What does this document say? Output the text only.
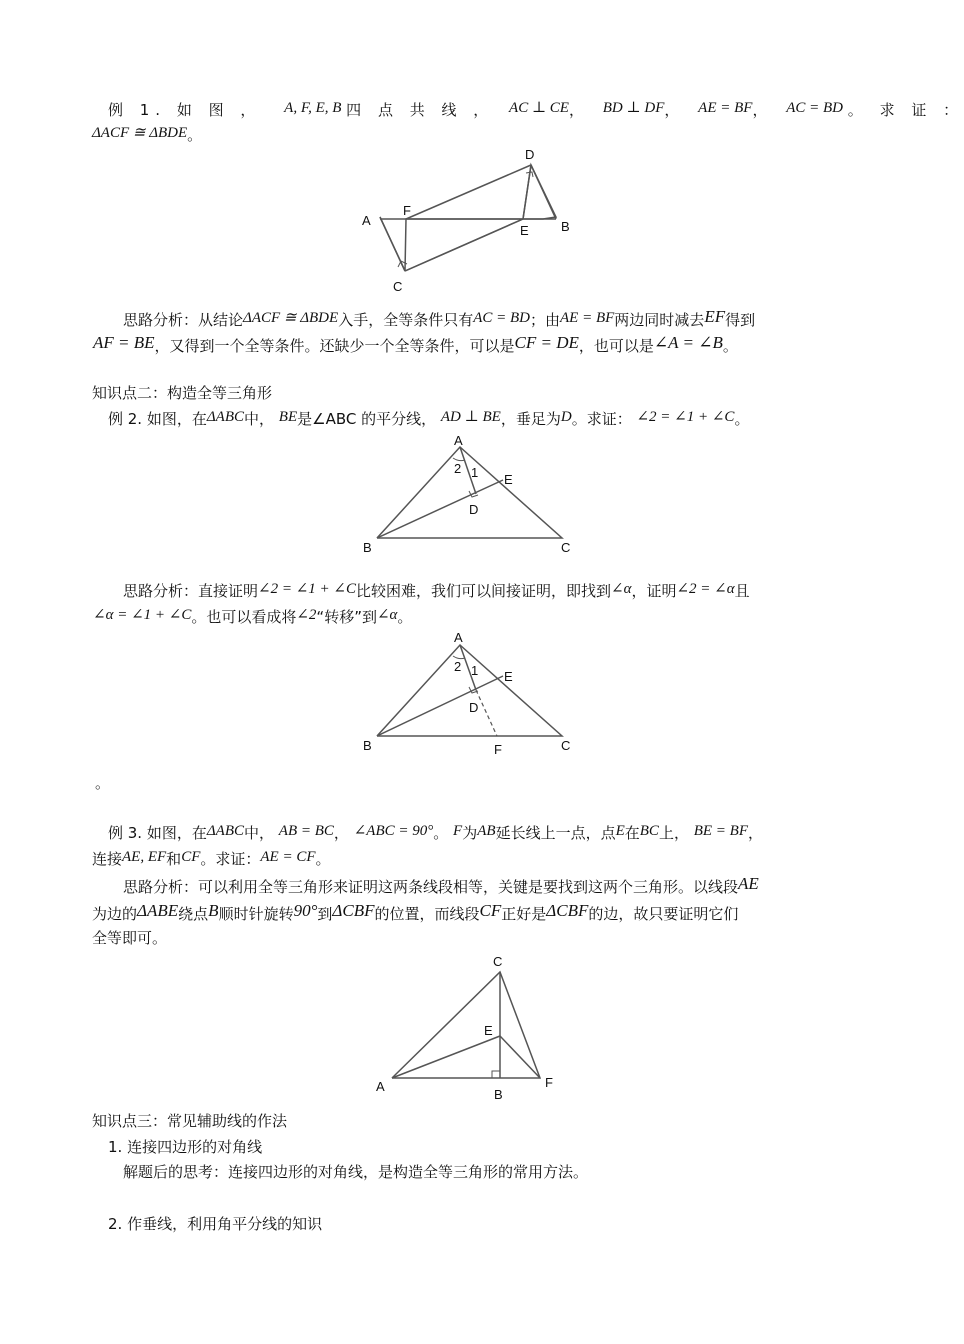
例 1. 如 图 ， A, F, E, B 四 点 共 线 ， AC ⊥ CE， BD ⊥ DF， AE = BF， AC = BD 。 求 证 ：
ΔACF ≅ ΔBDE。
A
F
D
E B
C
思路分析：从结论ΔACF ≅ ΔBDE入手，全等条件只有AC = BD；由AE = BF两边同时减去EF得到
AF = BE，又得到一个全等条件。还缺少一个全等条件，可以是CF = DE，也可以是∠A = ∠B。
知识点二：构造全等三角形
例 2. 如图，在ΔABC中， BE是∠ABC 的平分线， AD ⊥ BE，垂足为D。求证： ∠2 = ∠1 + ∠C。
A
2 1 E
D
B	C
思路分析：直接证明∠2 = ∠1 + ∠C比较困难，我们可以间接证明，即找到∠α，证明∠2 = ∠α且
∠α = ∠1 + ∠C。也可以看成将∠2“转移”到∠α。
A
2 1 E
D
B	F	C
。
例 3. 如图，在ΔABC中， AB = BC， ∠ABC = 90°。 F为AB延长线上一点，点E在BC上， BE = BF，
连接AE, EF和CF。求证：AE = CF。
思路分析：可以利用全等三角形来证明这两条线段相等，关键是要找到这两个三角形。以线段AE
为边的ΔABE绕点B顺时针旋转90°到ΔCBF的位置，而线段CF正好是ΔCBF的边，故只要证明它们
全等即可。
C
E
A
B
F
知识点三：常见辅助线的作法
1. 连接四边形的对角线
解题后的思考：连接四边形的对角线，是构造全等三角形的常用方法。
2. 作垂线，利用角平分线的知识
